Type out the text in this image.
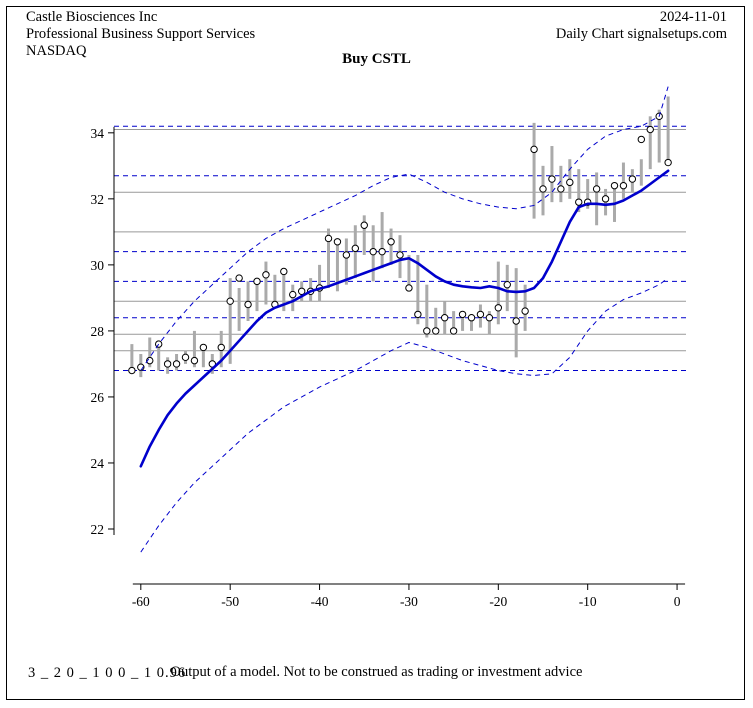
Castle Biosciences Inc
Professional Business Support Services
NASDAQ
2024-11-01
Daily Chart signalsetups.com
Buy CSTL
22
24
26
28
30
32
34
-60	-50	-40	-30	-20	-10	0
3 _ 2 0 _ 1 0 0 _ 1 0.96
Output of a model. Not to be construed as trading or investment advice
